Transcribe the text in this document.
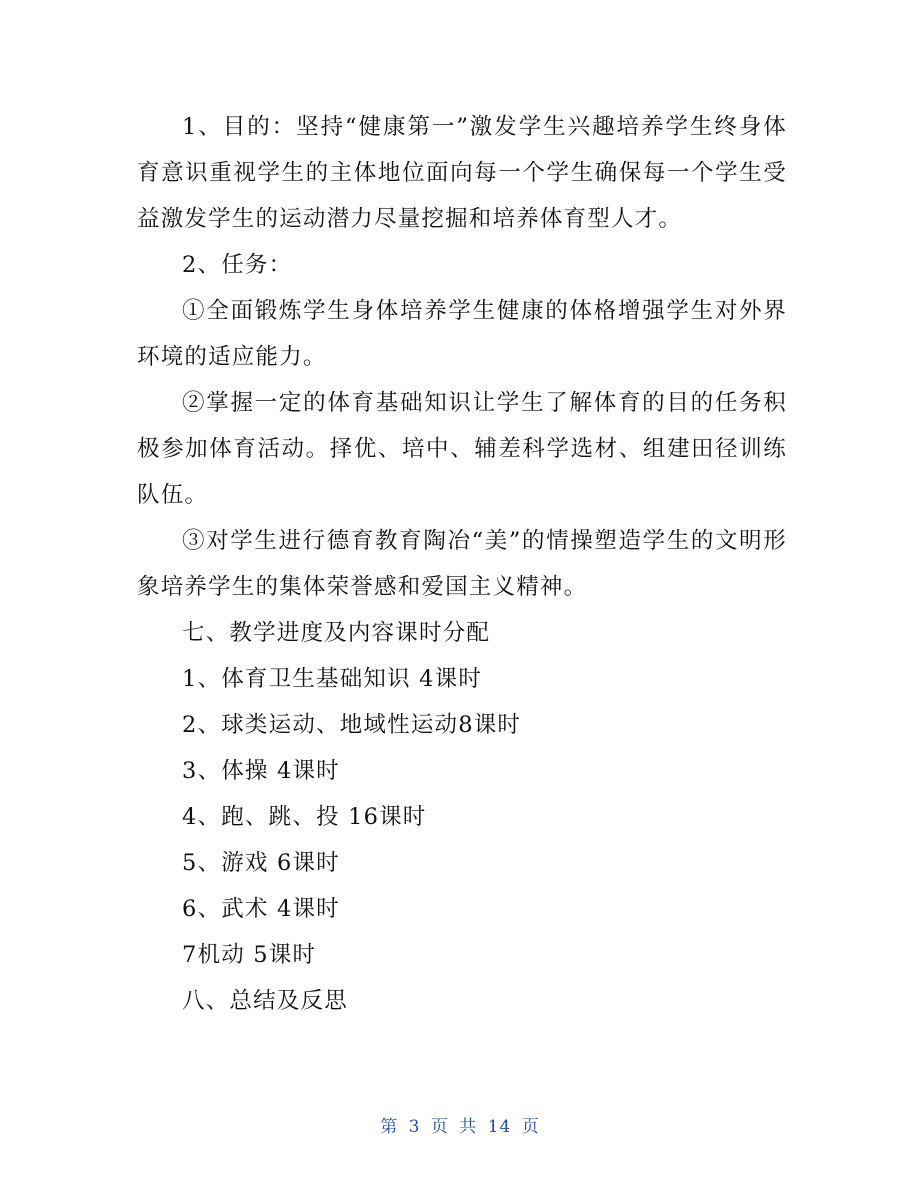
1、目的：坚持“健康第一”激发学生兴趣培养学生终身体育意识重视学生的主体地位面向每一个学生确保每一个学生受益激发学生的运动潜力尽量挖掘和培养体育型人才。

2、任务：

①全面锻炼学生身体培养学生健康的体格增强学生对外界环境的适应能力。

②掌握一定的体育基础知识让学生了解体育的目的任务积极参加体育活动。择优、培中、辅差科学选材、组建田径训练队伍。

③对学生进行德育教育陶冶“美”的情操塑造学生的文明形象培养学生的集体荣誉感和爱国主义精神。

七、教学进度及内容课时分配

1、体育卫生基础知识 4课时

2、球类运动、地域性运动8课时

3、体操 4课时

4、跑、跳、投 16课时

5、游戏 6课时

6、武术 4课时

7机动 5课时

八、总结及反思

第 3 页 共 14 页
